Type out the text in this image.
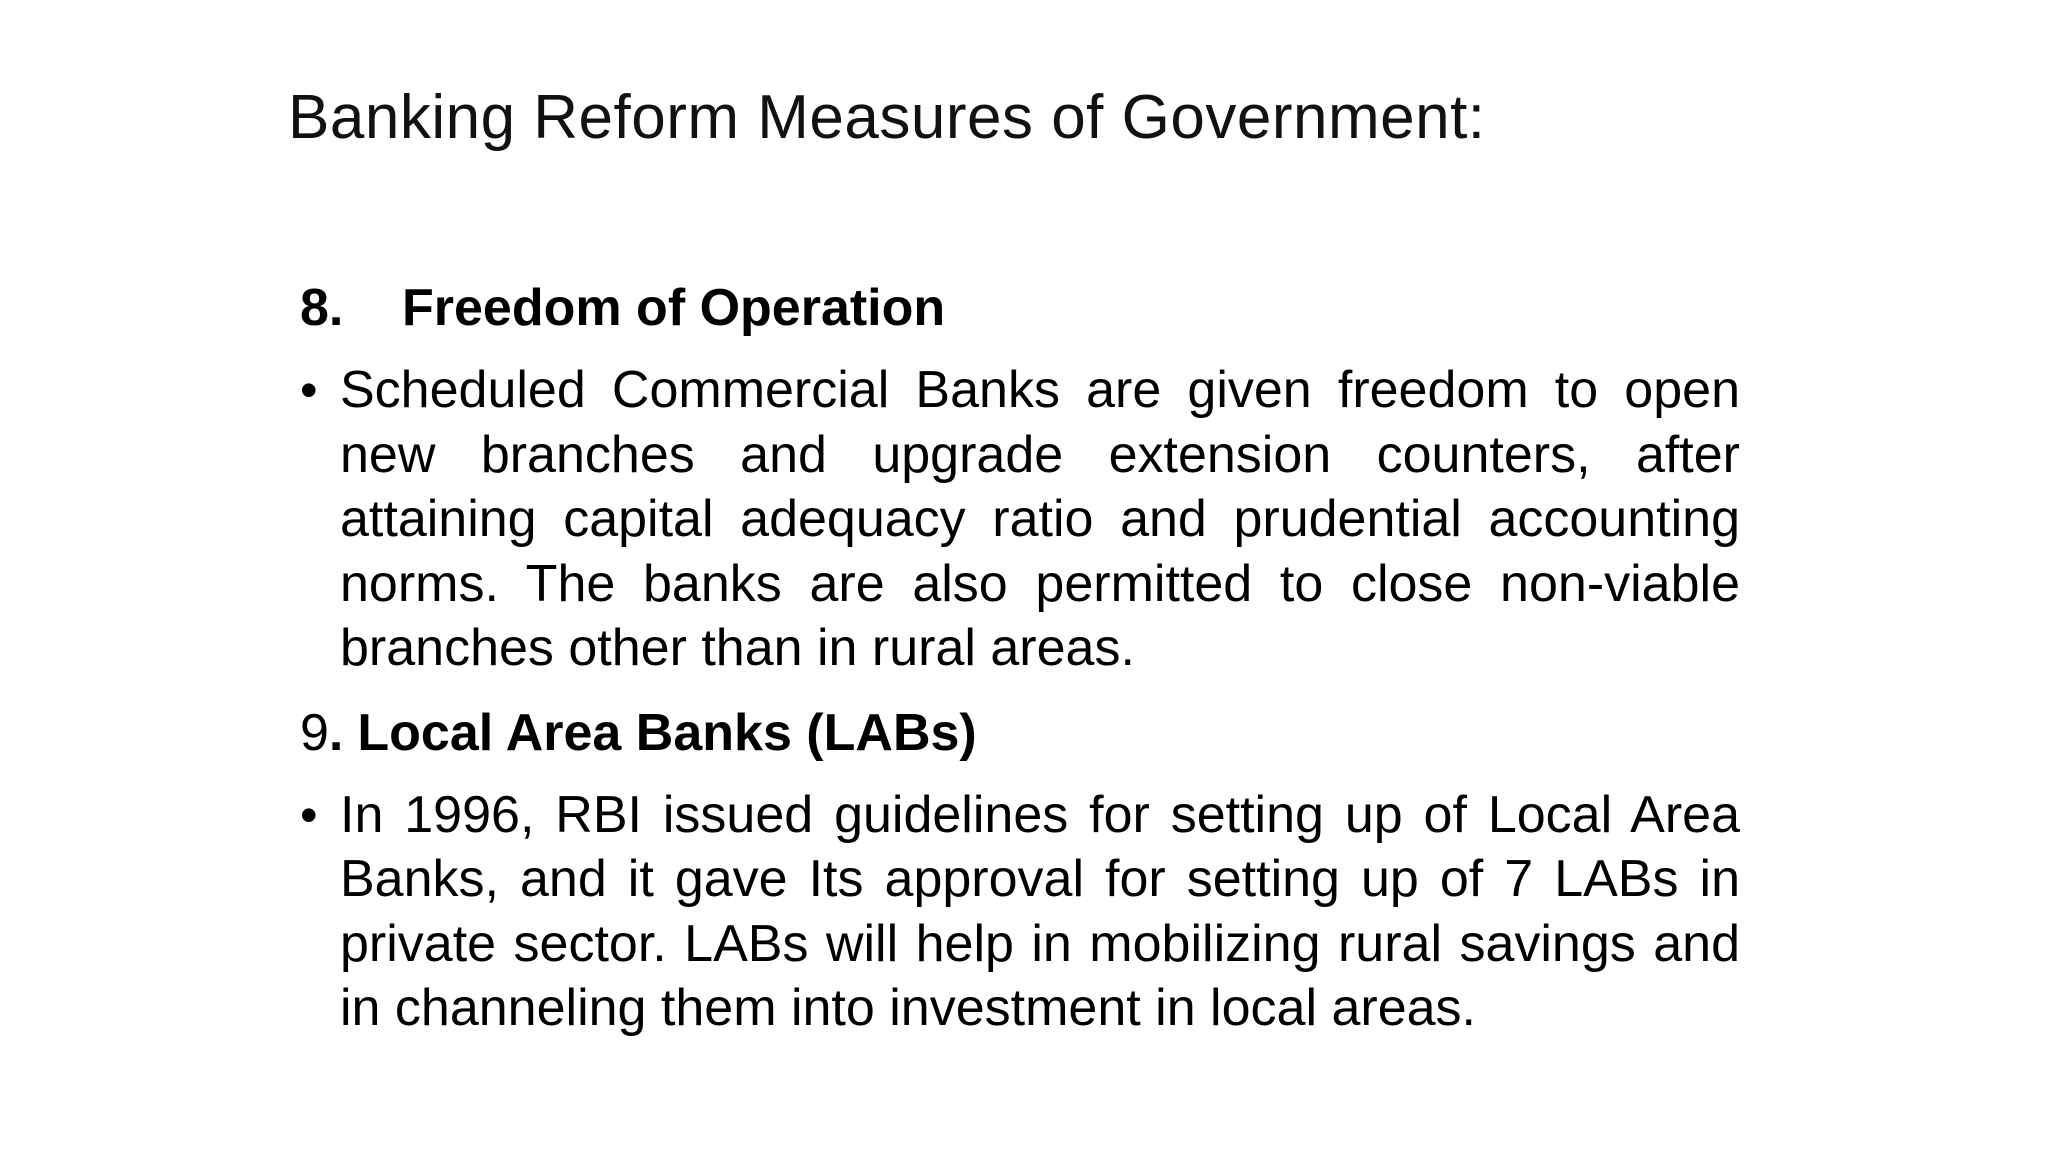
Banking Reform Measures of Government:
8.	Freedom of Operation
• Scheduled Commercial Banks are given freedom to open new branches and upgrade extension counters, after attaining capital adequacy ratio and prudential accounting norms. The banks are also permitted to close non-viable branches other than in rural areas.
9 . Local Area Banks (LABs)
• In 1996, RBI issued guidelines for setting up of Local Area Banks, and it gave Its approval for setting up of 7 LABs in private sector. LABs will help in mobilizing rural savings and in channeling them into investment in local areas.
